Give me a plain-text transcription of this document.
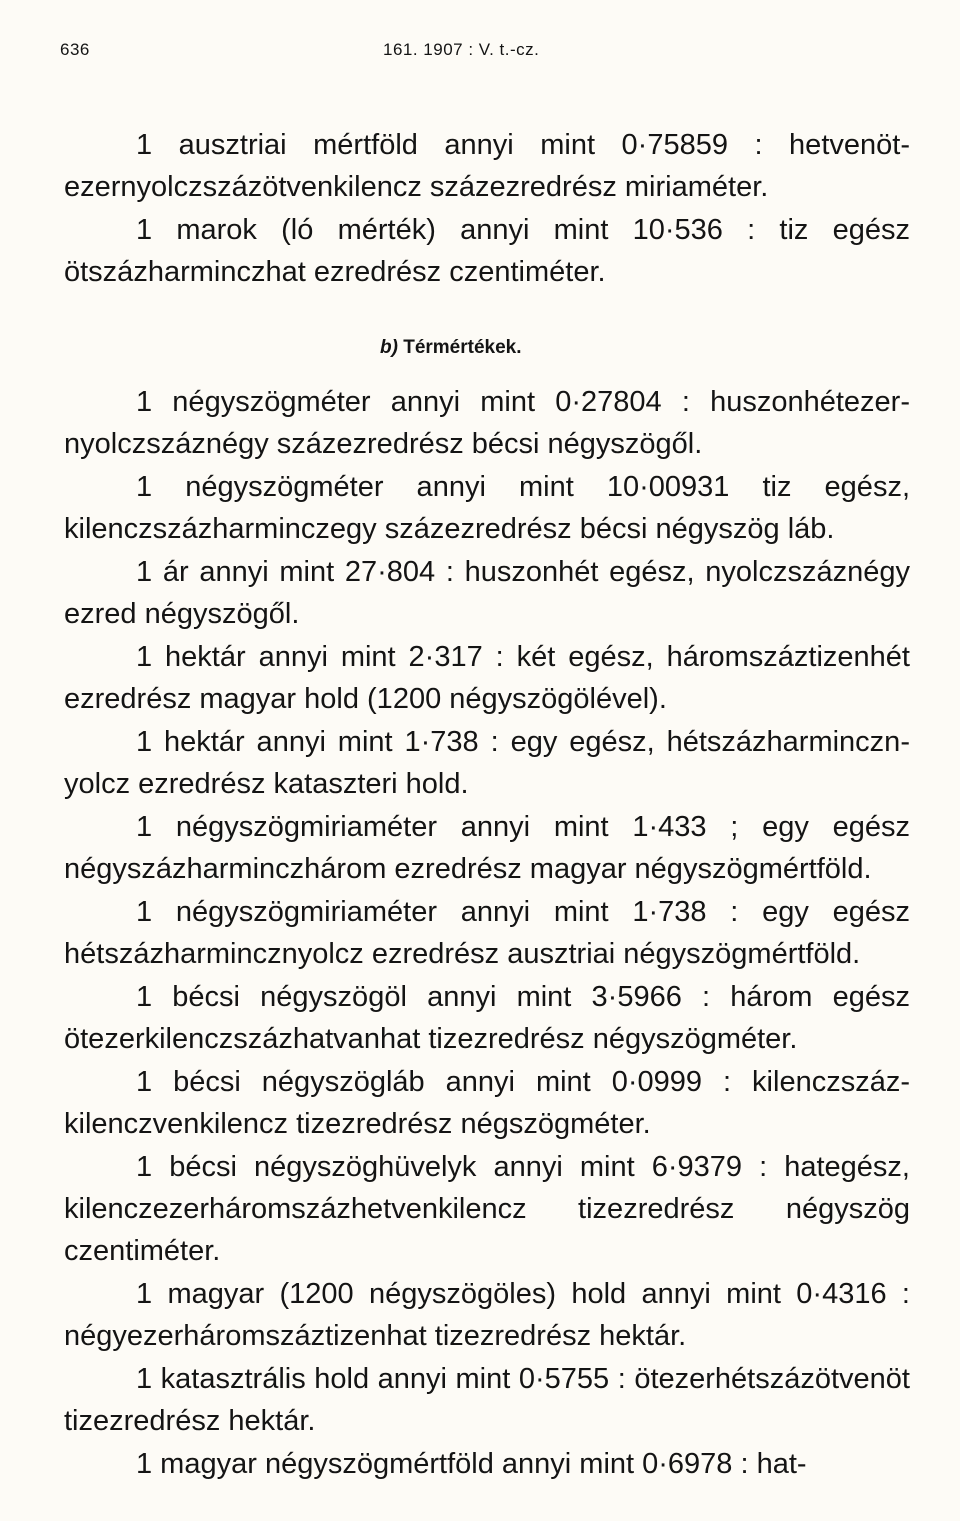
636	161. 1907 : V. t.-cz.

1 ausztriai mértföld annyi mint 0·75859 : hetvenötezernyolczszázötvenkilencz százezredrész miriaméter.

1 marok (ló mérték) annyi mint 10·536 : tiz egész ötszázharminczhat ezredrész czentiméter.

b) Térmértékek.

1 négyszögméter annyi mint 0·27804 : huszonhétezernyolczszáznégy százezredrész bécsi négyszögől.

1 négyszögméter annyi mint 10·00931 tiz egész, kilenczszázharminczegy százezredrész bécsi négyszög láb.

1 ár annyi mint 27·804 : huszonhét egész, nyolczszáznégy ezred négyszögől.

1 hektár annyi mint 2·317 : két egész, háromszáztizenhét ezredrész magyar hold (1200 négyszögölével).

1 hektár annyi mint 1·738 : egy egész, hétszázharmincznyolcz ezredrész kataszteri hold.

1 négyszögmiriaméter annyi mint 1·433 ; egy egész négyszázharminczhárom ezredrész magyar négyszögmértföld.

1 négyszögmiriaméter annyi mint 1·738 : egy egész hétszázharmincznyolcz ezredrész ausztriai négyszögmértföld.

1 bécsi négyszögöl annyi mint 3·5966 : három egész ötezerkilenczszázhatvanhat tizezredrész négyszögméter.

1 bécsi négyszögláb annyi mint 0·0999 : kilenczszázkilenczvenkilencz tizezredrész négszögméter.

1 bécsi négyszöghüvelyk annyi mint 6·9379 : hategész, kilenczezerháromszázhetvenkilencz tizezredrész négyszög czentiméter.

1 magyar (1200 négyszögöles) hold annyi mint 0·4316 : négyezerháromszáztizenhat tizezredrész hektár.

1 katasztrális hold annyi mint 0·5755 : ötezerhétszázötvenöt tizezredrész hektár.

1 magyar négyszögmértföld annyi mint 0·6978 : hat-
